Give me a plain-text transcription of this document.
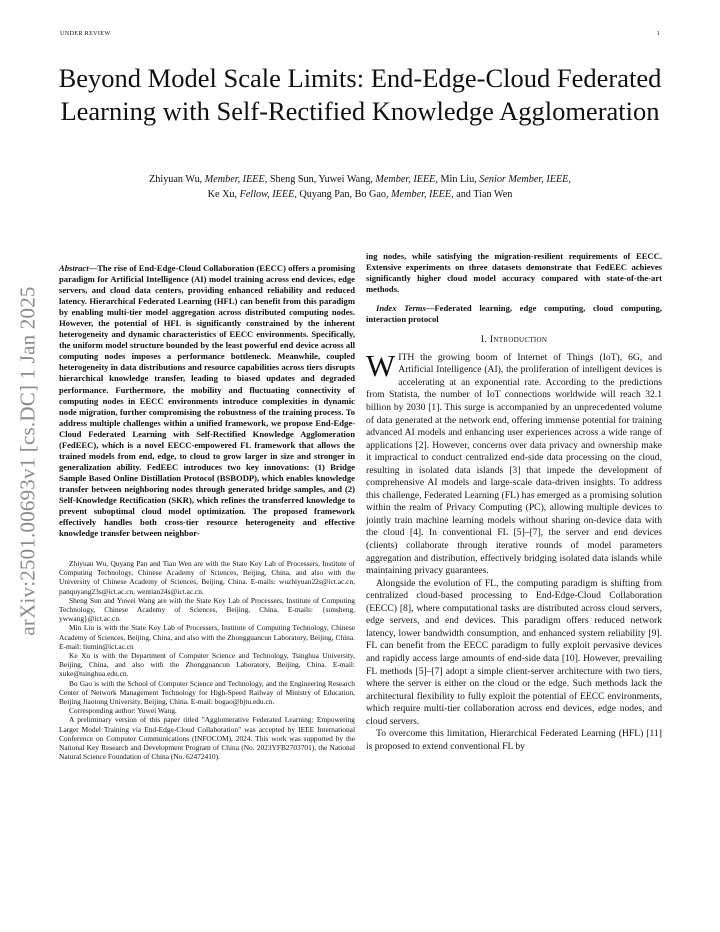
UNDER REVIEW	1
Beyond Model Scale Limits: End-Edge-Cloud Federated Learning with Self-Rectified Knowledge Agglomeration
Zhiyuan Wu, Member, IEEE, Sheng Sun, Yuwei Wang, Member, IEEE, Min Liu, Senior Member, IEEE,
Ke Xu, Fellow, IEEE, Quyang Pan, Bo Gao, Member, IEEE, and Tian Wen
arXiv:2501.00693v1 [cs.DC] 1 Jan 2025

Abstract—The rise of End-Edge-Cloud Collaboration (EECC) offers a promising paradigm for Artificial Intelligence (AI) model training across end devices, edge servers, and cloud data centers, providing enhanced reliability and reduced latency. Hierarchical Federated Learning (HFL) can benefit from this paradigm by enabling multi-tier model aggregation across distributed computing nodes. However, the potential of HFL is significantly constrained by the inherent heterogeneity and dynamic characteristics of EECC environments. Specifically, the uniform model structure bounded by the least powerful end device across all computing nodes imposes a performance bottleneck. Meanwhile, coupled heterogeneity in data distributions and resource capabilities across tiers disrupts hierarchical knowledge transfer, leading to biased updates and degraded performance. Furthermore, the mobility and fluctuating connectivity of computing nodes in EECC environments introduce complexities in dynamic node migration, further compromising the robustness of the training process. To address multiple challenges within a unified framework, we propose End-Edge-Cloud Federated Learning with Self-Rectified Knowledge Agglomeration (FedEEC), which is a novel EECC-empowered FL framework that allows the trained models from end, edge, to cloud to grow larger in size and stronger in generalization ability. FedEEC introduces two key innovations: (1) Bridge Sample Based Online Distillation Protocol (BSBODP), which enables knowledge transfer between neighboring nodes through generated bridge samples, and (2) Self-Knowledge Rectification (SKR), which refines the transferred knowledge to prevent suboptimal cloud model optimization. The proposed framework effectively handles both cross-tier resource heterogeneity and effective knowledge transfer between neighbor-

Zhiyuan Wu, Quyang Pan and Tian Wen are with the State Key Lab of Processers, Institute of Computing Technology, Chinese Academy of Sciences, Beijing, China, and also with the University of Chinese Academy of Sciences, Beijing, China. E-mails: wuzhiyuan22s@ict.ac.cn, panquyang23s@ict.ac.cn, wentian24s@ict.ac.cn.

Sheng Sun and Yuwei Wang are with the State Key Lab of Processers, Institute of Computing Technology, Chinese Academy of Sciences, Beijing, China. E-mails: {sunsheng, ywwang}@ict.ac.cn.

Min Liu is with the State Key Lab of Processers, Institute of Computing Technology, Chinese Academy of Sciences, Beijing, China, and also with the Zhongguancun Laboratory, Beijing, China. E-mail: liumin@ict.ac.cn

Ke Xu is with the Department of Computer Science and Technology, Tsinghua University, Beijing, China, and also with the Zhongguancun Laboratory, Beijing, China. E-mail: xuke@tsinghua.edu.cn.

Bo Gao is with the School of Computer Science and Technology, and the Engineering Research Center of Network Management Technology for High-Speed Railway of Ministry of Education, Beijing Jiaotong University, Beijing, China. E-mail: bogao@bjtu.edu.cn.

Corresponding author: Yuwei Wang.

A preliminary version of this paper titled "Agglomerative Federated Learning: Empowering Larger Model Training via End-Edge-Cloud Collaboration" was accepted by IEEE International Conference on Computer Communications (INFOCOM), 2024. This work was supported by the National Key Research and Development Program of China (No. 2023YFB2703701), the National Natural Science Foundation of China (No. 62472410).

ing nodes, while satisfying the migration-resilient requirements of EECC. Extensive experiments on three datasets demonstrate that FedEEC achieves significantly higher cloud model accuracy compared with state-of-the-art methods.

Index Terms—Federated learning, edge computing, cloud computing, interaction protocol

I. Introduction

WITH the growing boom of Internet of Things (IoT), 6G, and Artificial Intelligence (AI), the proliferation of intelligent devices is accelerating at an exponential rate. According to the predictions from Statista, the number of IoT connections worldwide will reach 32.1 billion by 2030 [1]. This surge is accompanied by an unprecedented volume of data generated at the network end, offering immense potential for training advanced AI models and enhancing user experiences across a wide range of applications [2]. However, concerns over data privacy and ownership make it impractical to conduct centralized end-side data processing on the cloud, resulting in isolated data islands [3] that impede the development of comprehensive AI models and large-scale data-driven insights. To address this challenge, Federated Learning (FL) has emerged as a promising solution within the realm of Privacy Computing (PC), allowing multiple devices to jointly train machine learning models without sharing on-device data with the cloud [4]. In conventional FL [5]–[7], the server and end devices (clients) collaborate through iterative rounds of model parameters aggregation and distribution, effectively bridging isolated data islands while maintaining privacy guarantees.

Alongside the evolution of FL, the computing paradigm is shifting from centralized cloud-based processing to End-Edge-Cloud Collaboration (EECC) [8], where computational tasks are distributed across cloud servers, edge servers, and end devices. This paradigm offers reduced network latency, lower bandwidth consumption, and enhanced system reliability [9]. FL can benefit from the EECC paradigm to fully exploit pervasive devices and rapidly access large amounts of end-side data [10]. However, prevailing FL methods [5]–[7] adopt a simple client-server architecture with two tiers, where the server is either on the cloud or the edge. Such methods lack the architectural flexibility to fully exploit the potential of EECC environments, which require multi-tier collaboration across end devices, edge nodes, and cloud servers.

To overcome this limitation, Hierarchical Federated Learning (HFL) [11] is proposed to extend conventional FL by
